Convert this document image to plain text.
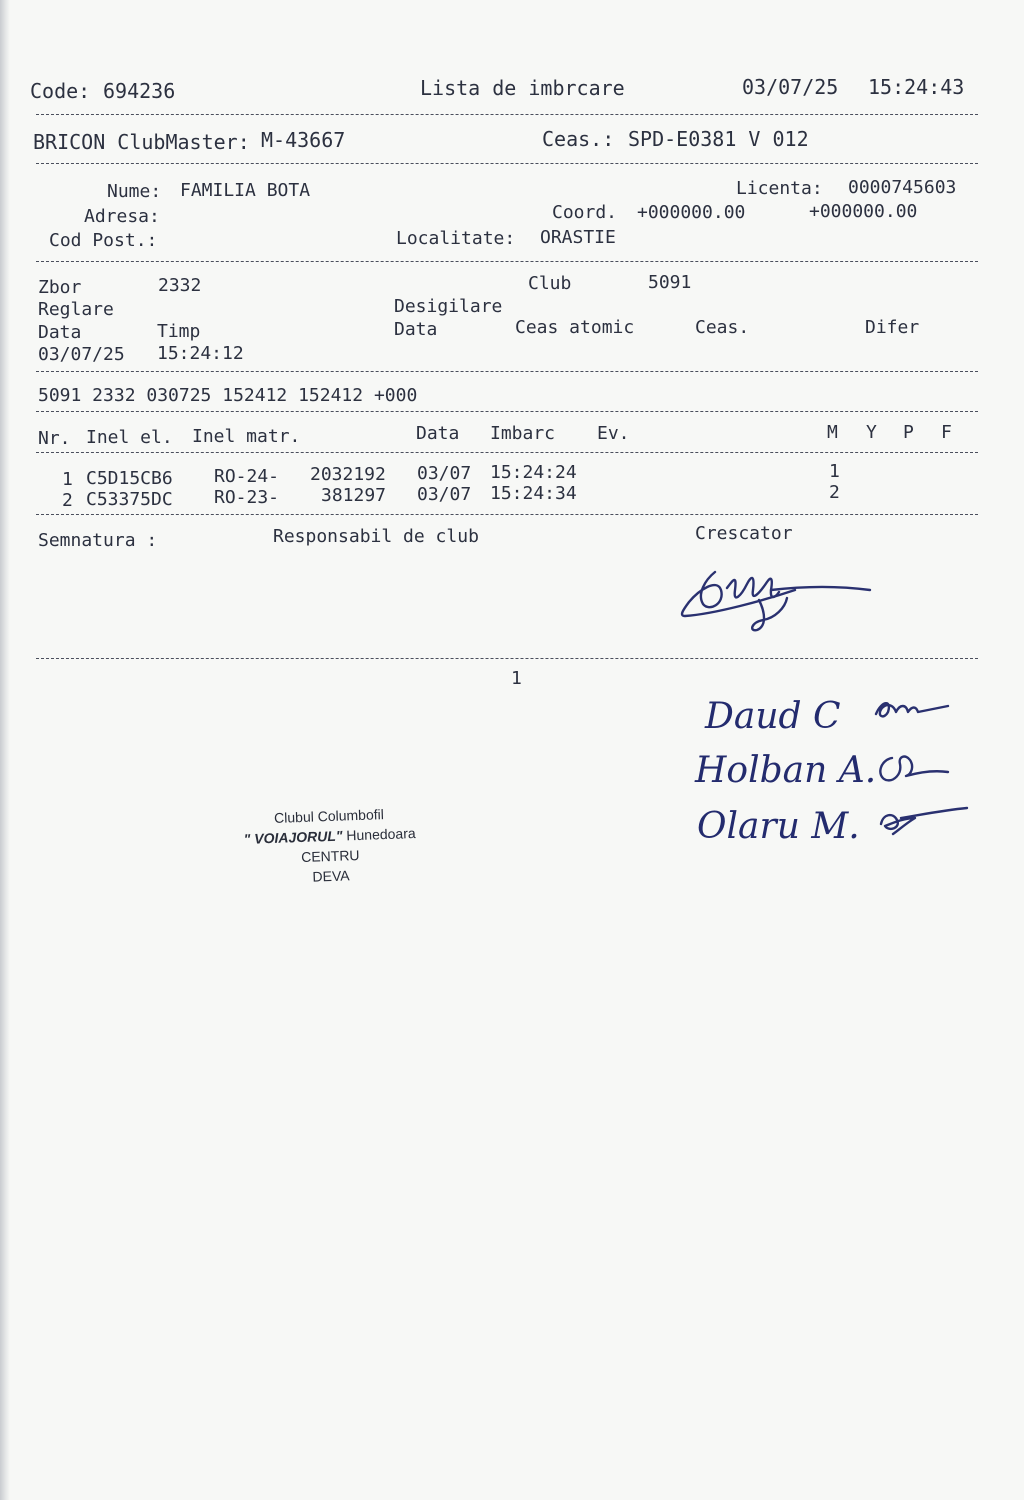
Code: 694236	Lista de imbrcare	03/07/25 15:24:43
BRICON ClubMaster: M-43667	Ceas.: SPD-E0381 V 012
Nume: FAMILIA BOTA	Licenta: 0000745603
Adresa:	Coord. +000000.00	+000000.00
Cod Post.:	Localitate: ORASTIE
Zbor	2332	Club	5091
Reglare	Desigilare
Data	Timp	Data	Ceas atomic	Ceas.	Difer
03/07/25 15:24:12
5091 2332 030725 152412 152412 +000
Nr. Inel el. Inel matr.	Data Imbarc Ev.	M Y P F
1 C5D15CB6 RO-24- 2032192 03/07 15:24:24	1
2 C53375DC RO-23- 381297 03/07 15:24:34	2
Semnatura :	Responsabil de club	Crescator
1
Daud C
Holban A.
Olaru M.
Clubul Columbofil
" VOIAJORUL" Hunedoara
CENTRU
DEVA
